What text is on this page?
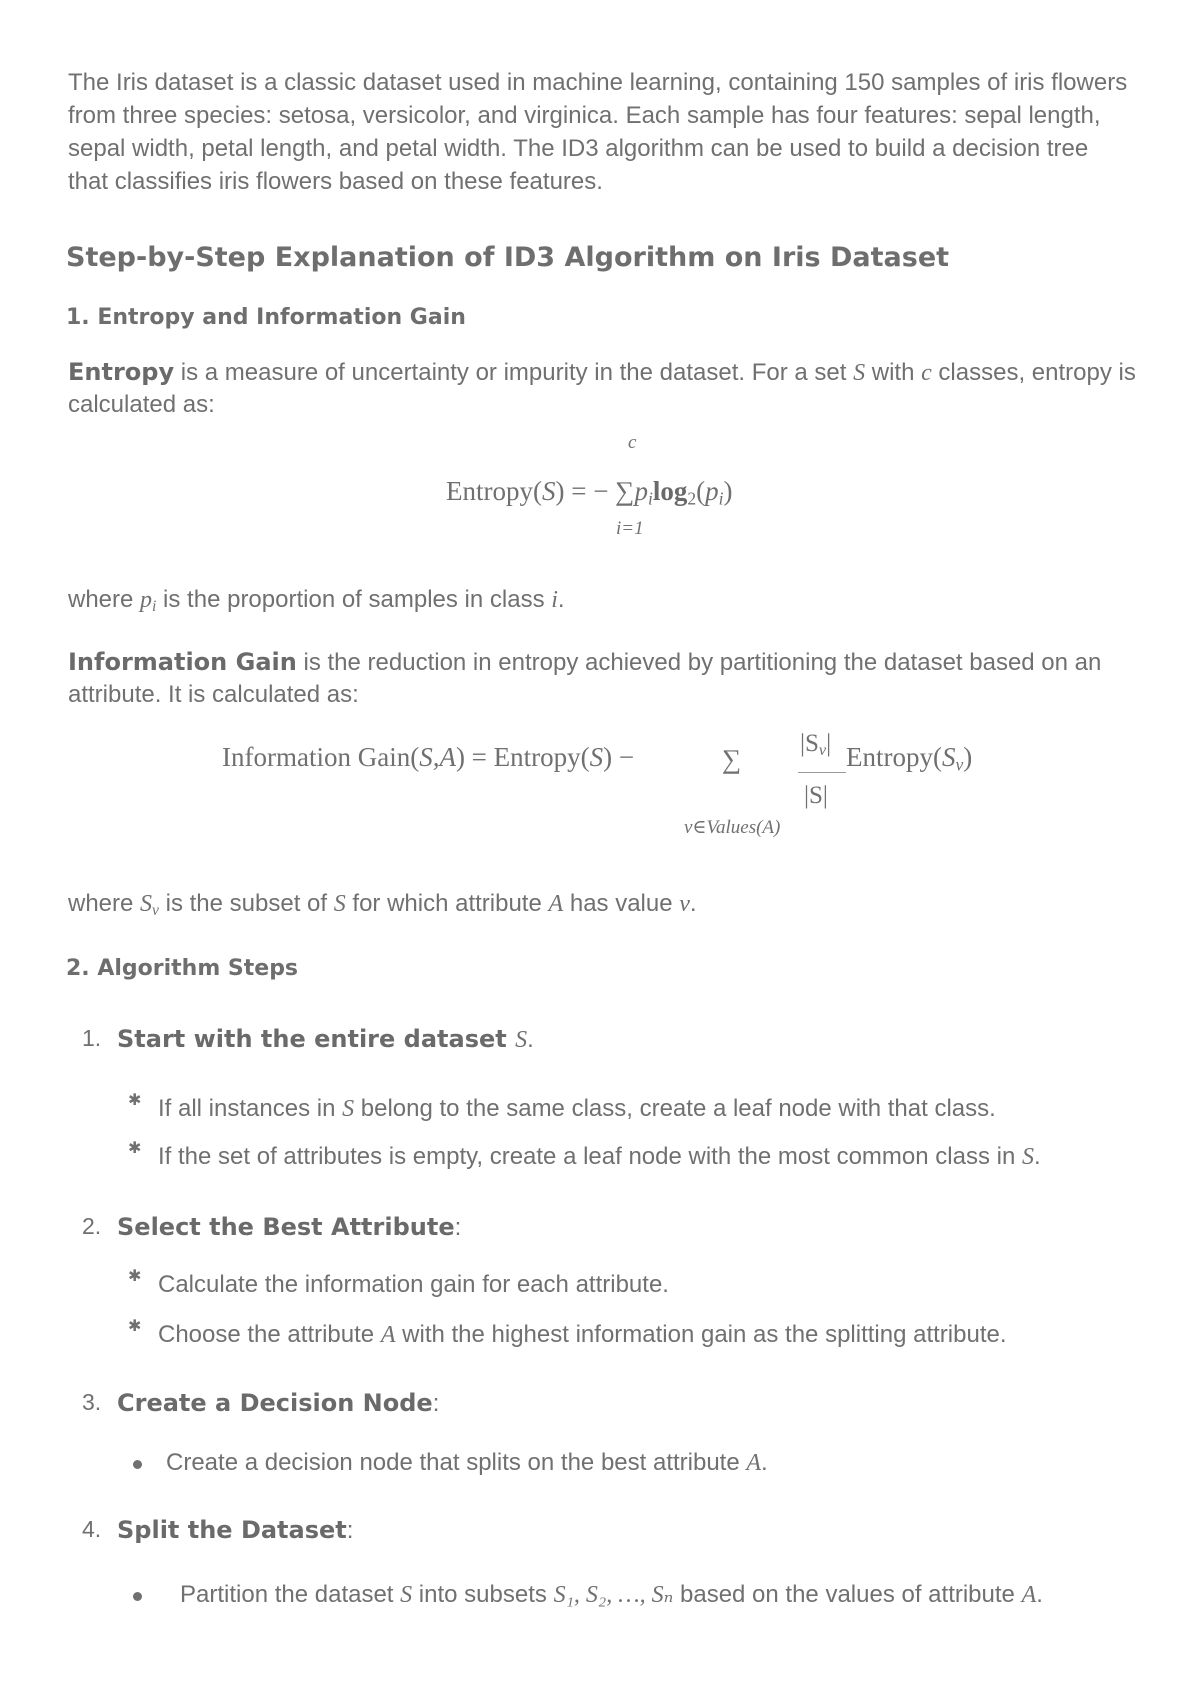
The Iris dataset is a classic dataset used in machine learning, containing 150 samples of iris flowers
from three species: setosa, versicolor, and virginica. Each sample has four features: sepal length,
sepal width, petal length, and petal width. The ID3 algorithm can be used to build a decision tree
that classifies iris flowers based on these features.
Step-by-Step Explanation of ID3 Algorithm on Iris Dataset
1. Entropy and Information Gain
Entropy is a measure of uncertainty or impurity in the dataset. For a set S with c classes, entropy is
calculated as:
c
Entropy(S) = − $\sum p_i\log_2(p_i)$
i=1
where $p_i$ is the proportion of samples in class i.
Information Gain is the reduction in entropy achieved by partitioning the dataset based on an
attribute. It is calculated as:
Information Gain(S,A) = Entropy(S) −	∑
$|S_v|$
|S|
$Entropy(S_v)$
v∈Values(A)
where $S_v$ is the subset of S for which attribute A has value v.
2. Algorithm Steps
1. Start with the entire dataset S.
✱ If all instances in S belong to the same class, create a leaf node with that class.
✱ If the set of attributes is empty, create a leaf node with the most common class in S.
2. Select the Best Attribute:
✱ Calculate the information gain for each attribute.
✱ Choose the attribute A with the highest information gain as the splitting attribute.
3. Create a Decision Node:
Create a decision node that splits on the best attribute A.
4. Split the Dataset:
Partition the dataset S into subsets S₁, S₂, …, Sₙ based on the values of attribute A.
